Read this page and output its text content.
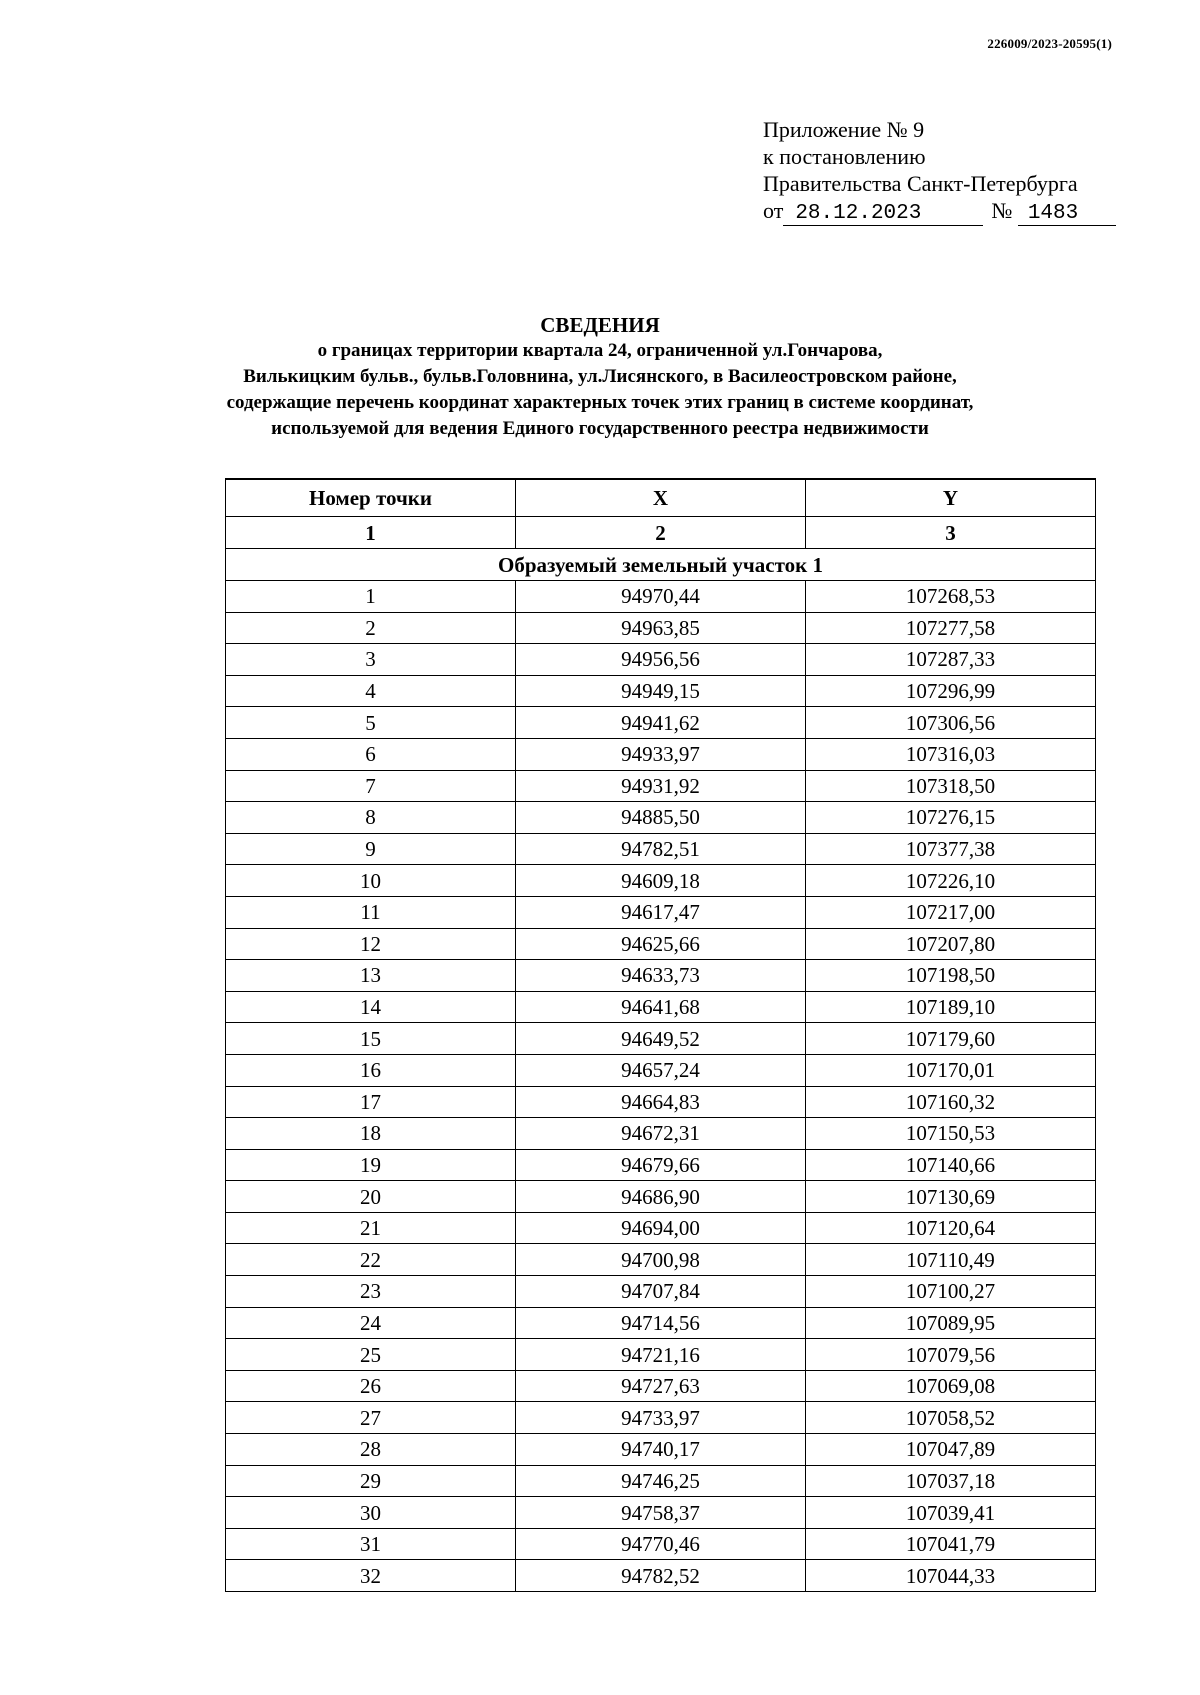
226009/2023-20595(1)
Приложение № 9
к постановлению
Правительства Санкт-Петербурга
от 28.12.2023	№ 1483
СВЕДЕНИЯ
о границах территории квартала 24, ограниченной ул.Гончарова,
Вилькицким бульв., бульв.Головнина, ул.Лисянского, в Василеостровском районе,
содержащие перечень координат характерных точек этих границ в системе координат,
используемой для ведения Единого государственного реестра недвижимости
Номер точки	X	Y
1	2	3
Образуемый земельный участок 1		
1	94970,44	107268,53
2	94963,85	107277,58
3	94956,56	107287,33
4	94949,15	107296,99
5	94941,62	107306,56
6	94933,97	107316,03
7	94931,92	107318,50
8	94885,50	107276,15
9	94782,51	107377,38
10	94609,18	107226,10
11	94617,47	107217,00
12	94625,66	107207,80
13	94633,73	107198,50
14	94641,68	107189,10
15	94649,52	107179,60
16	94657,24	107170,01
17	94664,83	107160,32
18	94672,31	107150,53
19	94679,66	107140,66
20	94686,90	107130,69
21	94694,00	107120,64
22	94700,98	107110,49
23	94707,84	107100,27
24	94714,56	107089,95
25	94721,16	107079,56
26	94727,63	107069,08
27	94733,97	107058,52
28	94740,17	107047,89
29	94746,25	107037,18
30	94758,37	107039,41
31	94770,46	107041,79
32	94782,52	107044,33
